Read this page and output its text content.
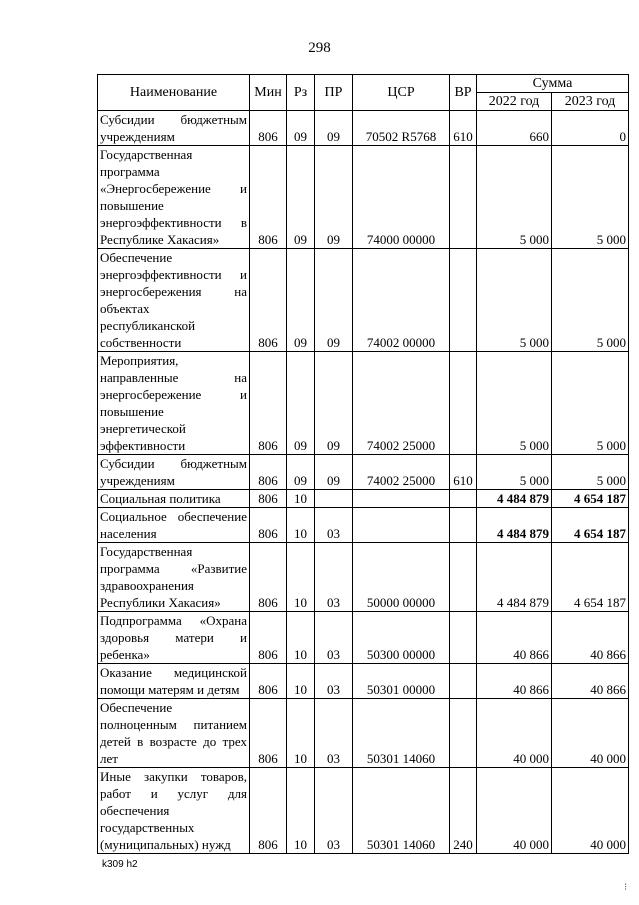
298
Наименование	Мин	Рз	ПР	ЦСР	ВР	Сумма	
						2022 год	2023 год
Субсидии бюджетным учреждениям	806	09	09	70502 R5768	610	660	0
Государственная программа «Энергосбережение и повышение энергоэффективности в Республике Хакасия»	806	09	09	74000 00000		5 000	5 000
Обеспечение энергоэффективности и энергосбережения на объектах республиканской собственности	806	09	09	74002 00000		5 000	5 000
Мероприятия, направленные на энергосбережение и повышение энергетической эффективности	806	09	09	74002 25000		5 000	5 000
Субсидии бюджетным учреждениям	806	09	09	74002 25000	610	5 000	5 000
Социальная политика	806	10				4 484 879	4 654 187
Социальное обеспечение населения	806	10	03			4 484 879	4 654 187
Государственная программа «Развитие здравоохранения Республики Хакасия»	806	10	03	50000 00000		4 484 879	4 654 187
Подпрограмма «Охрана здоровья матери и ребенка»	806	10	03	50300 00000		40 866	40 866
Оказание медицинской помощи матерям и детям	806	10	03	50301 00000		40 866	40 866
Обеспечение полноценным питанием детей в возрасте до трех лет	806	10	03	50301 14060		40 000	40 000
Иные закупки товаров, работ и услуг для обеспечения государственных (муниципальных) нужд	806	10	03	50301 14060	240	40 000	40 000
k309 h2
⁝
